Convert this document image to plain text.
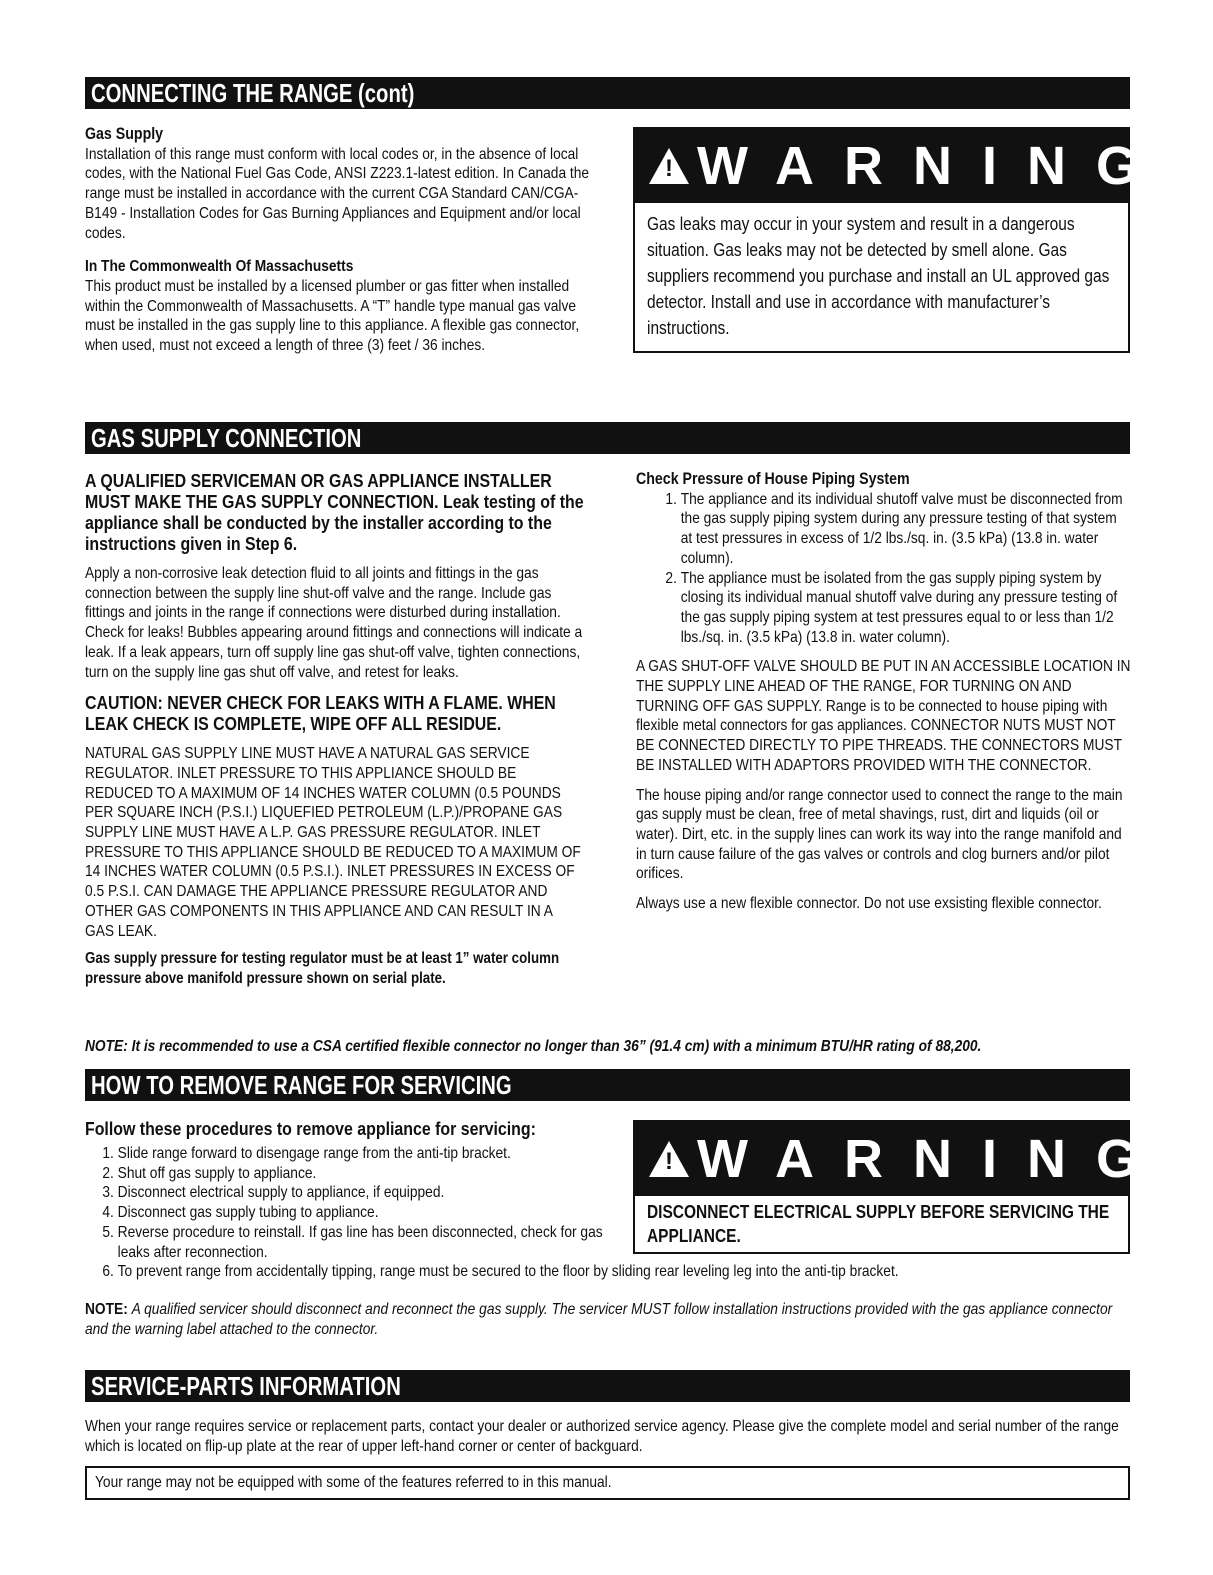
CONNECTING THE RANGE (cont)

Gas Supply

Installation of this range must conform with local codes or, in the absence of local codes, with the National Fuel Gas Code, ANSI Z223.1-latest edition. In Canada the range must be installed in accordance with the current CGA Standard CAN/CGA-B149 - Installation Codes for Gas Burning Appliances and Equipment and/or local codes.

In The Commonwealth Of Massachusetts

This product must be installed by a licensed plumber or gas fitter when installed within the Commonwealth of Massachusetts. A “T” handle type manual gas valve must be installed in the gas supply line to this appliance. A flexible gas connector, when used, must not exceed a length of three (3) feet / 36 inches.

! WARNING
Gas leaks may occur in your system and result in a dangerous situation. Gas leaks may not be detected by smell alone. Gas suppliers recommend you purchase and install an UL approved gas detector. Install and use in accordance with manufacturer’s instructions.
GAS SUPPLY CONNECTION

A QUALIFIED SERVICEMAN OR GAS APPLIANCE INSTALLER MUST MAKE THE GAS SUPPLY CONNECTION. Leak testing of the appliance shall be conducted by the installer according to the instructions given in Step 6.

Apply a non-corrosive leak detection fluid to all joints and fittings in the gas connection between the supply line shut-off valve and the range. Include gas fittings and joints in the range if connections were disturbed during installation. Check for leaks! Bubbles appearing around fittings and connections will indicate a leak. If a leak appears, turn off supply line gas shut-off valve, tighten connections, turn on the supply line gas shut off valve, and retest for leaks.

CAUTION: NEVER CHECK FOR LEAKS WITH A FLAME. WHEN LEAK CHECK IS COMPLETE, WIPE OFF ALL RESIDUE.

NATURAL GAS SUPPLY LINE MUST HAVE A NATURAL GAS SERVICE REGULATOR. INLET PRESSURE TO THIS APPLIANCE SHOULD BE REDUCED TO A MAXIMUM OF 14 INCHES WATER COLUMN (0.5 POUNDS PER SQUARE INCH (P.S.I.) LIQUEFIED PETROLEUM (L.P.)/PROPANE GAS SUPPLY LINE MUST HAVE A L.P. GAS PRESSURE REGULATOR. INLET PRESSURE TO THIS APPLIANCE SHOULD BE REDUCED TO A MAXIMUM OF 14 INCHES WATER COLUMN (0.5 P.S.I.). INLET PRESSURES IN EXCESS OF 0.5 P.S.I. CAN DAMAGE THE APPLIANCE PRESSURE REGULATOR AND OTHER GAS COMPONENTS IN THIS APPLIANCE AND CAN RESULT IN A GAS LEAK.

Gas supply pressure for testing regulator must be at least 1” water column pressure above manifold pressure shown on serial plate.

Check Pressure of House Piping System

1. The appliance and its individual shutoff valve must be disconnected from the gas supply piping system during any pressure testing of that system at test pressures in excess of 1/2 lbs./sq. in. (3.5 kPa) (13.8 in. water column).
2. The appliance must be isolated from the gas supply piping system by closing its individual manual shutoff valve during any pressure testing of the gas supply piping system at test pressures equal to or less than 1/2 lbs./sq. in. (3.5 kPa) (13.8 in. water column).

A GAS SHUT-OFF VALVE SHOULD BE PUT IN AN ACCESSIBLE LOCATION IN THE SUPPLY LINE AHEAD OF THE RANGE, FOR TURNING ON AND TURNING OFF GAS SUPPLY. Range is to be connected to house piping with flexible metal connectors for gas appliances. CONNECTOR NUTS MUST NOT BE CONNECTED DIRECTLY TO PIPE THREADS. THE CONNECTORS MUST BE INSTALLED WITH ADAPTORS PROVIDED WITH THE CONNECTOR.

The house piping and/or range connector used to connect the range to the main gas supply must be clean, free of metal shavings, rust, dirt and liquids (oil or water). Dirt, etc. in the supply lines can work its way into the range manifold and in turn cause failure of the gas valves or controls and clog burners and/or pilot orifices.

Always use a new flexible connector. Do not use exsisting flexible connector.

NOTE: It is recommended to use a CSA certified flexible connector no longer than 36” (91.4 cm) with a minimum BTU/HR rating of 88,200.

HOW TO REMOVE RANGE FOR SERVICING

Follow these procedures to remove appliance for servicing:

1. Slide range forward to disengage range from the anti-tip bracket.
2. Shut off gas supply to appliance.
3. Disconnect electrical supply to appliance, if equipped.
4. Disconnect gas supply tubing to appliance.
5. Reverse procedure to reinstall. If gas line has been disconnected, check for gas leaks after reconnection.
6. To prevent range from accidentally tipping, range must be secured to the floor by sliding rear leveling leg into the anti-tip bracket.
! WARNING
DISCONNECT ELECTRICAL SUPPLY BEFORE SERVICING THE APPLIANCE.

NOTE: A qualified servicer should disconnect and reconnect the gas supply. The servicer MUST follow installation instructions provided with the gas appliance connector and the warning label attached to the connector.

SERVICE-PARTS INFORMATION

When your range requires service or replacement parts, contact your dealer or authorized service agency. Please give the complete model and serial number of the range which is located on flip-up plate at the rear of upper left-hand corner or center of backguard.

Your range may not be equipped with some of the features referred to in this manual.
